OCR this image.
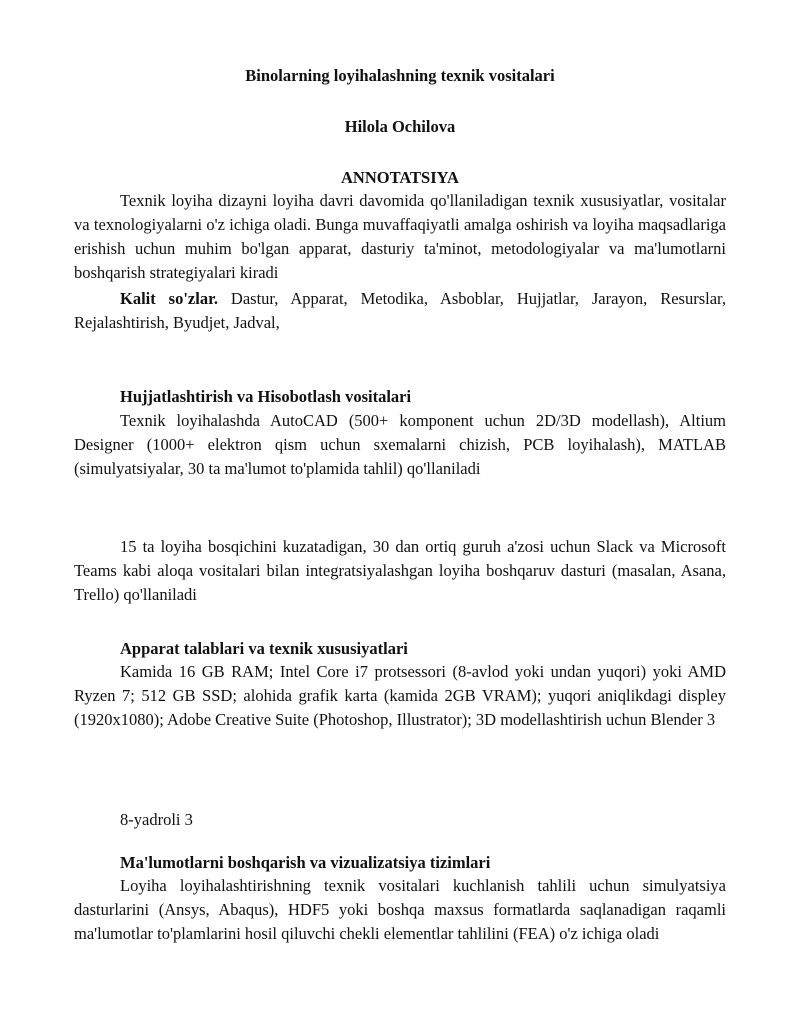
Binolarning loyihalashning texnik vositalari
Hilola Ochilova
ANNOTATSIYA

Texnik loyiha dizayni loyiha davri davomida qo'llaniladigan texnik xususiyatlar, vositalar va texnologiyalarni o'z ichiga oladi. Bunga muvaffaqiyatli amalga oshirish va loyiha maqsadlariga erishish uchun muhim bo'lgan apparat, dasturiy ta'minot, metodologiyalar va ma'lumotlarni boshqarish strategiyalari kiradi

Kalit so'zlar. Dastur, Apparat, Metodika, Asboblar, Hujjatlar, Jarayon, Resurslar, Rejalashtirish, Byudjet, Jadval,

Hujjatlashtirish va Hisobotlash vositalari

Texnik loyihalashda AutoCAD (500+ komponent uchun 2D/3D modellash), Altium Designer (1000+ elektron qism uchun sxemalarni chizish, PCB loyihalash), MATLAB (simulyatsiyalar, 30 ta ma'lumot to'plamida tahlil) qo'llaniladi

15 ta loyiha bosqichini kuzatadigan, 30 dan ortiq guruh a'zosi uchun Slack va Microsoft Teams kabi aloqa vositalari bilan integratsiyalashgan loyiha boshqaruv dasturi (masalan, Asana, Trello) qo'llaniladi

Apparat talablari va texnik xususiyatlari

Kamida 16 GB RAM; Intel Core i7 protsessori (8-avlod yoki undan yuqori) yoki AMD Ryzen 7; 512 GB SSD; alohida grafik karta (kamida 2GB VRAM); yuqori aniqlikdagi displey (1920x1080); Adobe Creative Suite (Photoshop, Illustrator); 3D modellashtirish uchun Blender 3

8-yadroli 3
Ma'lumotlarni boshqarish va vizualizatsiya tizimlari

Loyiha loyihalashtirishning texnik vositalari kuchlanish tahlili uchun simulyatsiya dasturlarini (Ansys, Abaqus), HDF5 yoki boshqa maxsus formatlarda saqlanadigan raqamli ma'lumotlar to'plamlarini hosil qiluvchi chekli elementlar tahlilini (FEA) o'z ichiga oladi
